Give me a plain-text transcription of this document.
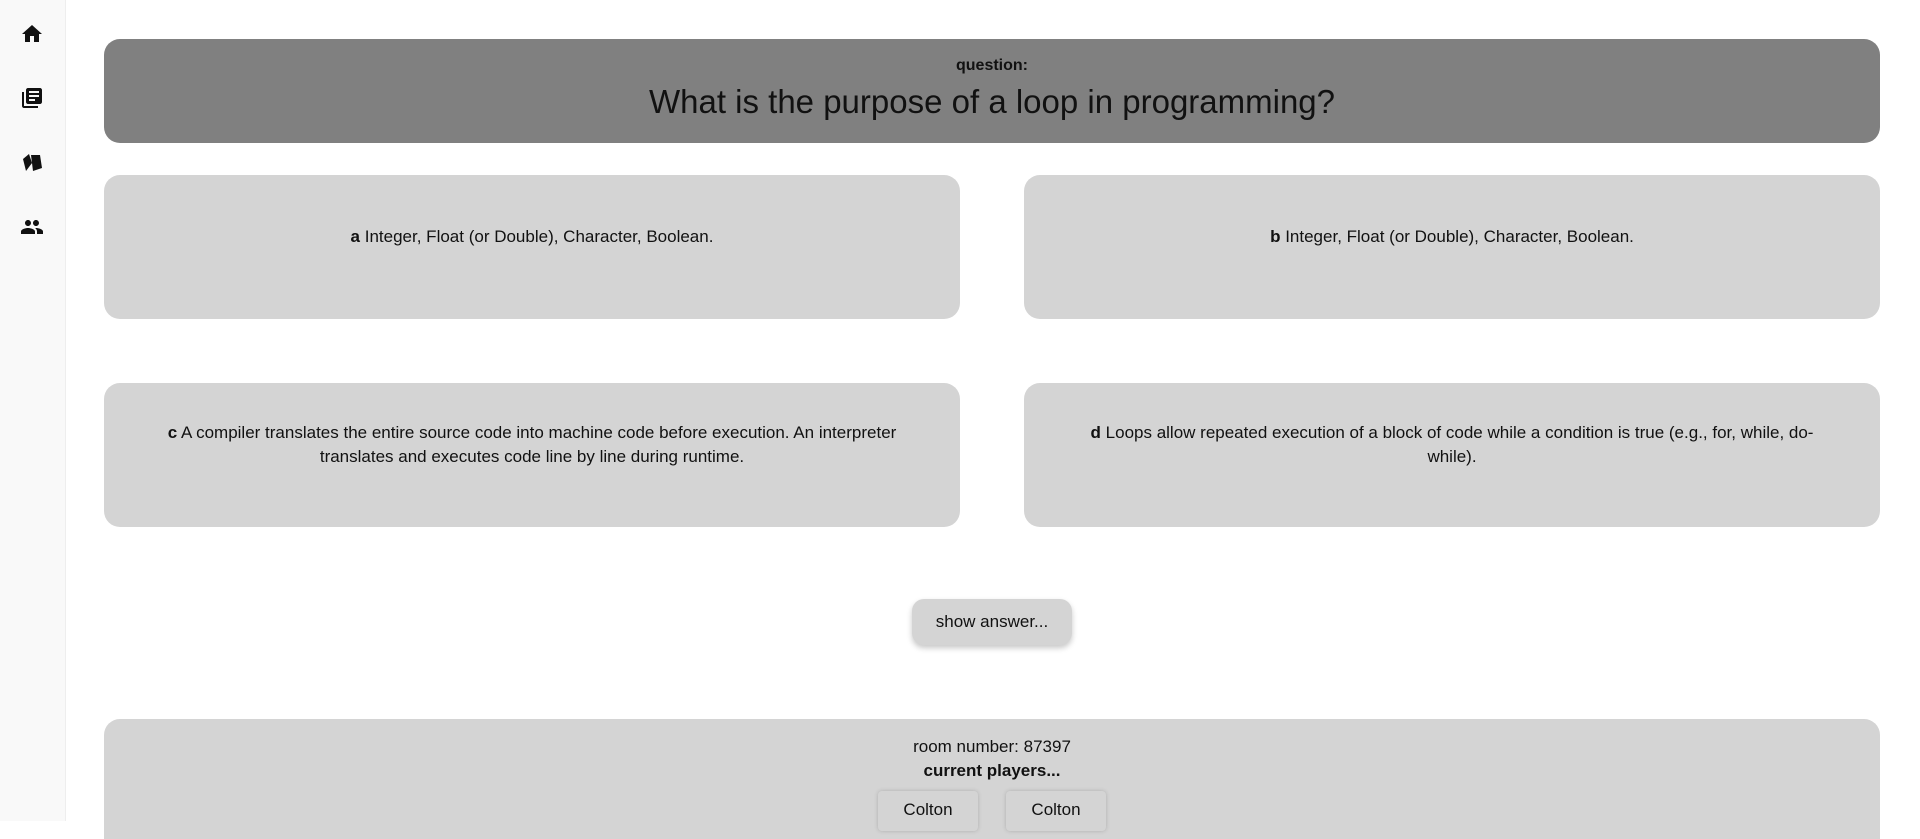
question:
What is the purpose of a loop in programming?
a Integer, Float (or Double), Character, Boolean.	b Integer, Float (or Double), Character, Boolean.
c A compiler translates the entire source code into machine code before execution. An interpreter translates and executes code line by line during runtime.
d Loops allow repeated execution of a block of code while a condition is true (e.g., for, while, do-while).
show answer...
room number: 87397
current players...
Colton	Colton
